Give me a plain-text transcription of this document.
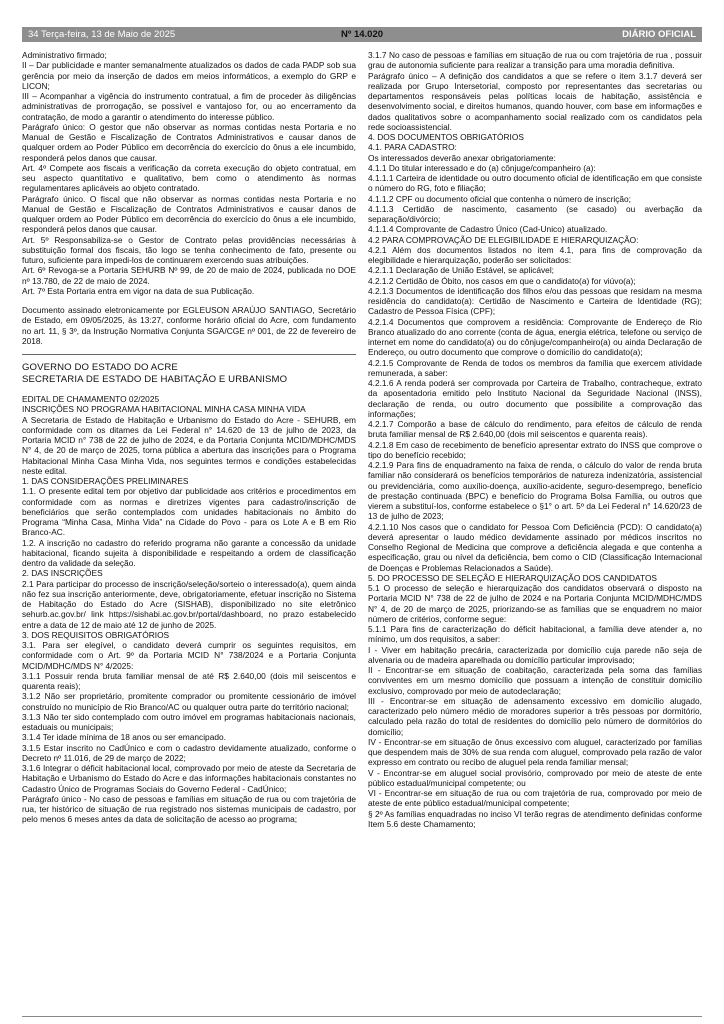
34 Terça-feira, 13 de Maio de 2025	Nº 14.020	DIÁRIO OFICIAL

Administrativo firmado;

II – Dar publicidade e manter semanalmente atualizados os dados de cada PADP sob sua gerência por meio da inserção de dados em meios informáticos, a exemplo do GRP e LICON;

III – Acompanhar a vigência do instrumento contratual, a fim de proceder às diligências administrativas de prorrogação, se possível e vantajoso for, ou ao encerramento da contratação, de modo a garantir o atendimento do interesse público.

Parágrafo único: O gestor que não observar as normas contidas nesta Portaria e no Manual de Gestão e Fiscalização de Contratos Administrativos e causar danos de qualquer ordem ao Poder Público em decorrência do exercício do ônus a ele incumbido, responderá pelos danos que causar.

Art. 4º Compete aos fiscais a verificação da correta execução do objeto contratual, em seu aspecto quantitativo e qualitativo, bem como o atendimento às normas regulamentares aplicáveis ao objeto contratado.

Parágrafo único. O fiscal que não observar as normas contidas nesta Portaria e no Manual de Gestão e Fiscalização de Contratos Administrativos e causar danos de qualquer ordem ao Poder Público em decorrência do exercício do ônus a ele incumbido, responderá pelos danos que causar.

Art. 5º Responsabiliza-se o Gestor de Contrato pelas providências necessárias à substituição formal dos fiscais, tão logo se tenha conhecimento de fato, presente ou futuro, suficiente para impedi-los de continuarem exercendo suas atribuições.

Art. 6º Revoga-se a Portaria SEHURB Nº 99, de 20 de maio de 2024, publicada no DOE nº 13.780, de 22 de maio de 2024.

Art. 7º Esta Portaria entra em vigor na data de sua Publicação.

Documento assinado eletronicamente por EGLEUSON ARAÚJO SANTIAGO, Secretário de Estado, em 09/05/2025, às 13:27, conforme horário oficial do Acre, com fundamento no art. 11, § 3º, da Instrução Normativa Conjunta SGA/CGE nº 001, de 22 de fevereiro de 2018.

GOVERNO DO ESTADO DO ACRE

SECRETARIA DE ESTADO DE HABITAÇÃO E URBANISMO

EDITAL DE CHAMAMENTO 02/2025

INSCRIÇÕES NO PROGRAMA HABITACIONAL MINHA CASA MINHA VIDA

A Secretaria de Estado de Habitação e Urbanismo do Estado do Acre - SEHURB, em conformidade com os ditames da Lei Federal n° 14.620 de 13 de julho de 2023, da Portaria MCID n° 738 de 22 de julho de 2024, e da Portaria Conjunta MCID/MDHC/MDS N° 4, de 20 de março de 2025, torna pública a abertura das inscrições para o Programa Habitacional Minha Casa Minha Vida, nos seguintes termos e condições estabelecidas neste edital.

1. DAS CONSIDERAÇÕES PRELIMINARES

1.1. O presente edital tem por objetivo dar publicidade aos critérios e procedimentos em conformidade com as normas e diretrizes vigentes para cadastro/inscrição de beneficiários que serão contemplados com unidades habitacionais no âmbito do Programa “Minha Casa, Minha Vida” na Cidade do Povo - para os Lote A e B em Rio Branco-AC.

1.2. A inscrição no cadastro do referido programa não garante a concessão da unidade habitacional, ficando sujeita à disponibilidade e respeitando a ordem de classificação dentro da validade da seleção.

2. DAS INSCRIÇÕES

2.1 Para participar do processo de inscrição/seleção/sorteio o interessado(a), quem ainda não fez sua inscrição anteriormente, deve, obrigatoriamente, efetuar inscrição no Sistema de Habitação do Estado do Acre (SISHAB), disponibilizado no site eletrônico sehurb.ac.gov.br/ link https://sishabi.ac.gov.br/portal/dashboard, no prazo estabelecido entre a data de 12 de maio até 12 de junho de 2025.

3. DOS REQUISITOS OBRIGATÓRIOS

3.1. Para ser elegível, o candidato deverá cumprir os seguintes requisitos, em conformidade com o Art. 9º da Portaria MCID N° 738/2024 e a Portaria Conjunta MCID/MDHC/MDS N° 4/2025:

3.1.1 Possuir renda bruta familiar mensal de até R$ 2.640,00 (dois mil seiscentos e quarenta reais);

3.1.2 Não ser proprietário, promitente comprador ou promitente cessionário de imóvel construído no município de Rio Branco/AC ou qualquer outra parte do território nacional;

3.1.3 Não ter sido contemplado com outro imóvel em programas habitacionais nacionais, estaduais ou municipais;

3.1.4 Ter idade mínima de 18 anos ou ser emancipado.

3.1.5 Estar inscrito no CadÚnico e com o cadastro devidamente atualizado, conforme o Decreto nº 11.016, de 29 de março de 2022;

3.1.6 Integrar o déficit habitacional local, comprovado por meio de ateste da Secretaria de Habitação e Urbanismo do Estado do Acre e das informações habitacionais constantes no Cadastro Único de Programas Sociais do Governo Federal - CadÚnico;

Parágrafo único - No caso de pessoas e famílias em situação de rua ou com trajetória de rua, ter histórico de situação de rua registrado nos sistemas municipais de cadastro, por pelo menos 6 meses antes da data de solicitação de acesso ao programa;

3.1.7 No caso de pessoas e famílias em situação de rua ou com trajetória de rua , possuir grau de autonomia suficiente para realizar a transição para uma moradia definitiva.

Parágrafo único – A definição dos candidatos a que se refere o item 3.1.7 deverá ser realizada por Grupo Intersetorial, composto por representantes das secretarias ou departamentos responsáveis pelas políticas locais de habitação, assistência e desenvolvimento social, e direitos humanos, quando houver, com base em informações e dados qualitativos sobre o acompanhamento social realizado com os candidatos pela rede socioassistencial.

4. DOS DOCUMENTOS OBRIGATÓRIOS

4.1. PARA CADASTRO:

Os interessados deverão anexar obrigatoriamente:

4.1.1 Do titular interessado e do (a) cônjuge/companheiro (a):

4.1.1.1 Carteira de identidade ou outro documento oficial de identificação em que consiste o número do RG, foto e filiação;

4.1.1.2 CPF ou documento oficial que contenha o número de inscrição;

4.1.1.3 Certidão de nascimento, casamento (se casado) ou averbação da separação/divórcio;

4.1.1.4 Comprovante de Cadastro Único (Cad-Unico) atualizado.

4.2 PARA COMPROVAÇÃO DE ELEGIBILIDADE E HIERARQUIZAÇÃO:

4.2.1 Além dos documentos listados no item 4.1, para fins de comprovação da elegibilidade e hierarquização, poderão ser solicitados:

4.2.1.1 Declaração de União Estável, se aplicável;

4.2.1.2 Certidão de Óbito, nos casos em que o candidato(a) for viúvo(a);

4.2.1.3 Documentos de identificação dos filhos e/ou das pessoas que residam na mesma residência do candidato(a): Certidão de Nascimento e Carteira de Identidade (RG); Cadastro de Pessoa Física (CPF);

4.2.1.4 Documentos que comprovem a residência: Comprovante de Endereço de Rio Branco atualizado do ano corrente (conta de água, energia elétrica, telefone ou serviço de internet em nome do candidato(a) ou do cônjuge/companheiro(a) ou ainda Declaração de Endereço, ou outro documento que comprove o domicílio do candidato(a);

4.2.1.5 Comprovante de Renda de todos os membros da família que exercem atividade remunerada, a saber:

4.2.1.6 A renda poderá ser comprovada por Carteira de Trabalho, contracheque, extrato da aposentadoria emitido pelo Instituto Nacional da Seguridade Nacional (INSS), declaração de renda, ou outro documento que possibilite a comprovação das informações;

4.2.1.7 Comporão a base de cálculo do rendimento, para efeitos de cálculo de renda bruta familiar mensal de R$ 2.640,00 (dois mil seiscentos e quarenta reais).

4.2.1.8 Em caso de recebimento de benefício apresentar extrato do INSS que comprove o tipo do benefício recebido;

4.2.1.9 Para fins de enquadramento na faixa de renda, o cálculo do valor de renda bruta familiar não considerará os benefícios temporários de natureza indenizatória, assistencial ou previdenciária, como auxílio-doença, auxílio-acidente, seguro-desemprego, benefício de prestação continuada (BPC) e benefício do Programa Bolsa Família, ou outros que vierem a substituí-los, conforme estabelece o §1° o art. 5º da Lei Federal n° 14.620/23 de 13 de julho de 2023;

4.2.1.10 Nos casos que o candidato for Pessoa Com Deficiência (PCD): O candidato(a) deverá apresentar o laudo médico devidamente assinado por médicos inscritos no Conselho Regional de Medicina que comprove a deficiência alegada e que contenha a especificação, grau ou nível da deficiência, bem como o CID (Classificação Internacional de Doenças e Problemas Relacionados a Saúde).

5. DO PROCESSO DE SELEÇÃO E HIERARQUIZAÇÃO DOS CANDIDATOS

5.1 O processo de seleção e hierarquização dos candidatos observará o disposto na Portaria MCID N° 738 de 22 de julho de 2024 e na Portaria Conjunta MCID/MDHC/MDS N° 4, de 20 de março de 2025, priorizando-se as famílias que se enquadrem no maior número de critérios, conforme segue:

5.1.1 Para fins de caracterização do déficit habitacional, a família deve atender a, no mínimo, um dos requisitos, a saber:

I - Viver em habitação precária, caracterizada por domicílio cuja parede não seja de alvenaria ou de madeira aparelhada ou domicílio particular improvisado;

II - Encontrar-se em situação de coabitação, caracterizada pela soma das famílias conviventes em um mesmo domicílio que possuam a intenção de constituir domicílio exclusivo, comprovado por meio de autodeclaração;

III - Encontrar-se em situação de adensamento excessivo em domicílio alugado, caracterizado pelo número médio de moradores superior a três pessoas por dormitório, calculado pela razão do total de residentes do domicílio pelo número de dormitórios do domicílio;

IV - Encontrar-se em situação de ônus excessivo com aluguel, caracterizado por famílias que despendem mais de 30% de sua renda com aluguel, comprovado pela razão de valor expresso em contrato ou recibo de aluguel pela renda familiar mensal;

V - Encontrar-se em aluguel social provisório, comprovado por meio de ateste de ente público estadual/municipal competente; ou

VI - Encontrar-se em situação de rua ou com trajetória de rua, comprovado por meio de ateste de ente público estadual/municipal competente;

§ 2º As famílias enquadradas no inciso VI terão regras de atendimento definidas conforme Item 5.6 deste Chamamento;
